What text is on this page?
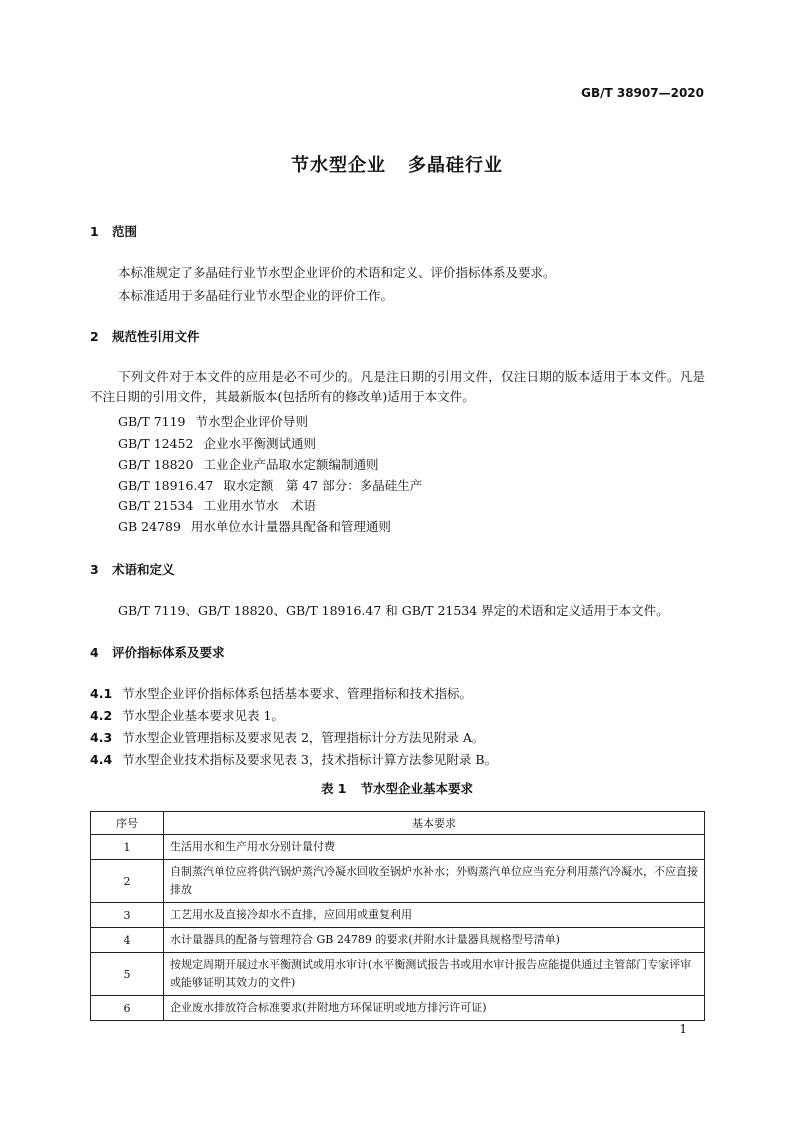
GB/T 38907—2020
节水型企业 多晶硅行业
1 范围
本标准规定了多晶硅行业节水型企业评价的术语和定义、评价指标体系及要求。
本标准适用于多晶硅行业节水型企业的评价工作。
2 规范性引用文件
下列文件对于本文件的应用是必不可少的。凡是注日期的引用文件，仅注日期的版本适用于本文件。凡是不注日期的引用文件，其最新版本(包括所有的修改单)适用于本文件。
GB/T 7119 节水型企业评价导则
GB/T 12452 企业水平衡测试通则
GB/T 18820 工业企业产品取水定额编制通则
GB/T 18916.47 取水定额　第 47 部分：多晶硅生产
GB/T 21534 工业用水节水　术语
GB 24789 用水单位水计量器具配备和管理通则
3 术语和定义
GB/T 7119、GB/T 18820、GB/T 18916.47 和 GB/T 21534 界定的术语和定义适用于本文件。
4 评价指标体系及要求
4.1 节水型企业评价指标体系包括基本要求、管理指标和技术指标。
4.2 节水型企业基本要求见表 1。
4.3 节水型企业管理指标及要求见表 2，管理指标计分方法见附录 A。
4.4 节水型企业技术指标及要求见表 3，技术指标计算方法参见附录 B。
表 1 节水型企业基本要求
序号	基本要求
1	生活用水和生产用水分别计量付费
2	自制蒸汽单位应将供汽锅炉蒸汽冷凝水回收至锅炉水补水；外购蒸汽单位应当充分利用蒸汽冷凝水，不应直接排放
3	工艺用水及直接冷却水不直排，应回用或重复利用
4	水计量器具的配备与管理符合 GB 24789 的要求(并附水计量器具规格型号清单)
5	按规定周期开展过水平衡测试或用水审计(水平衡测试报告书或用水审计报告应能提供通过主管部门专家评审或能够证明其效力的文件)
6	企业废水排放符合标准要求(并附地方环保证明或地方排污许可证)
1
